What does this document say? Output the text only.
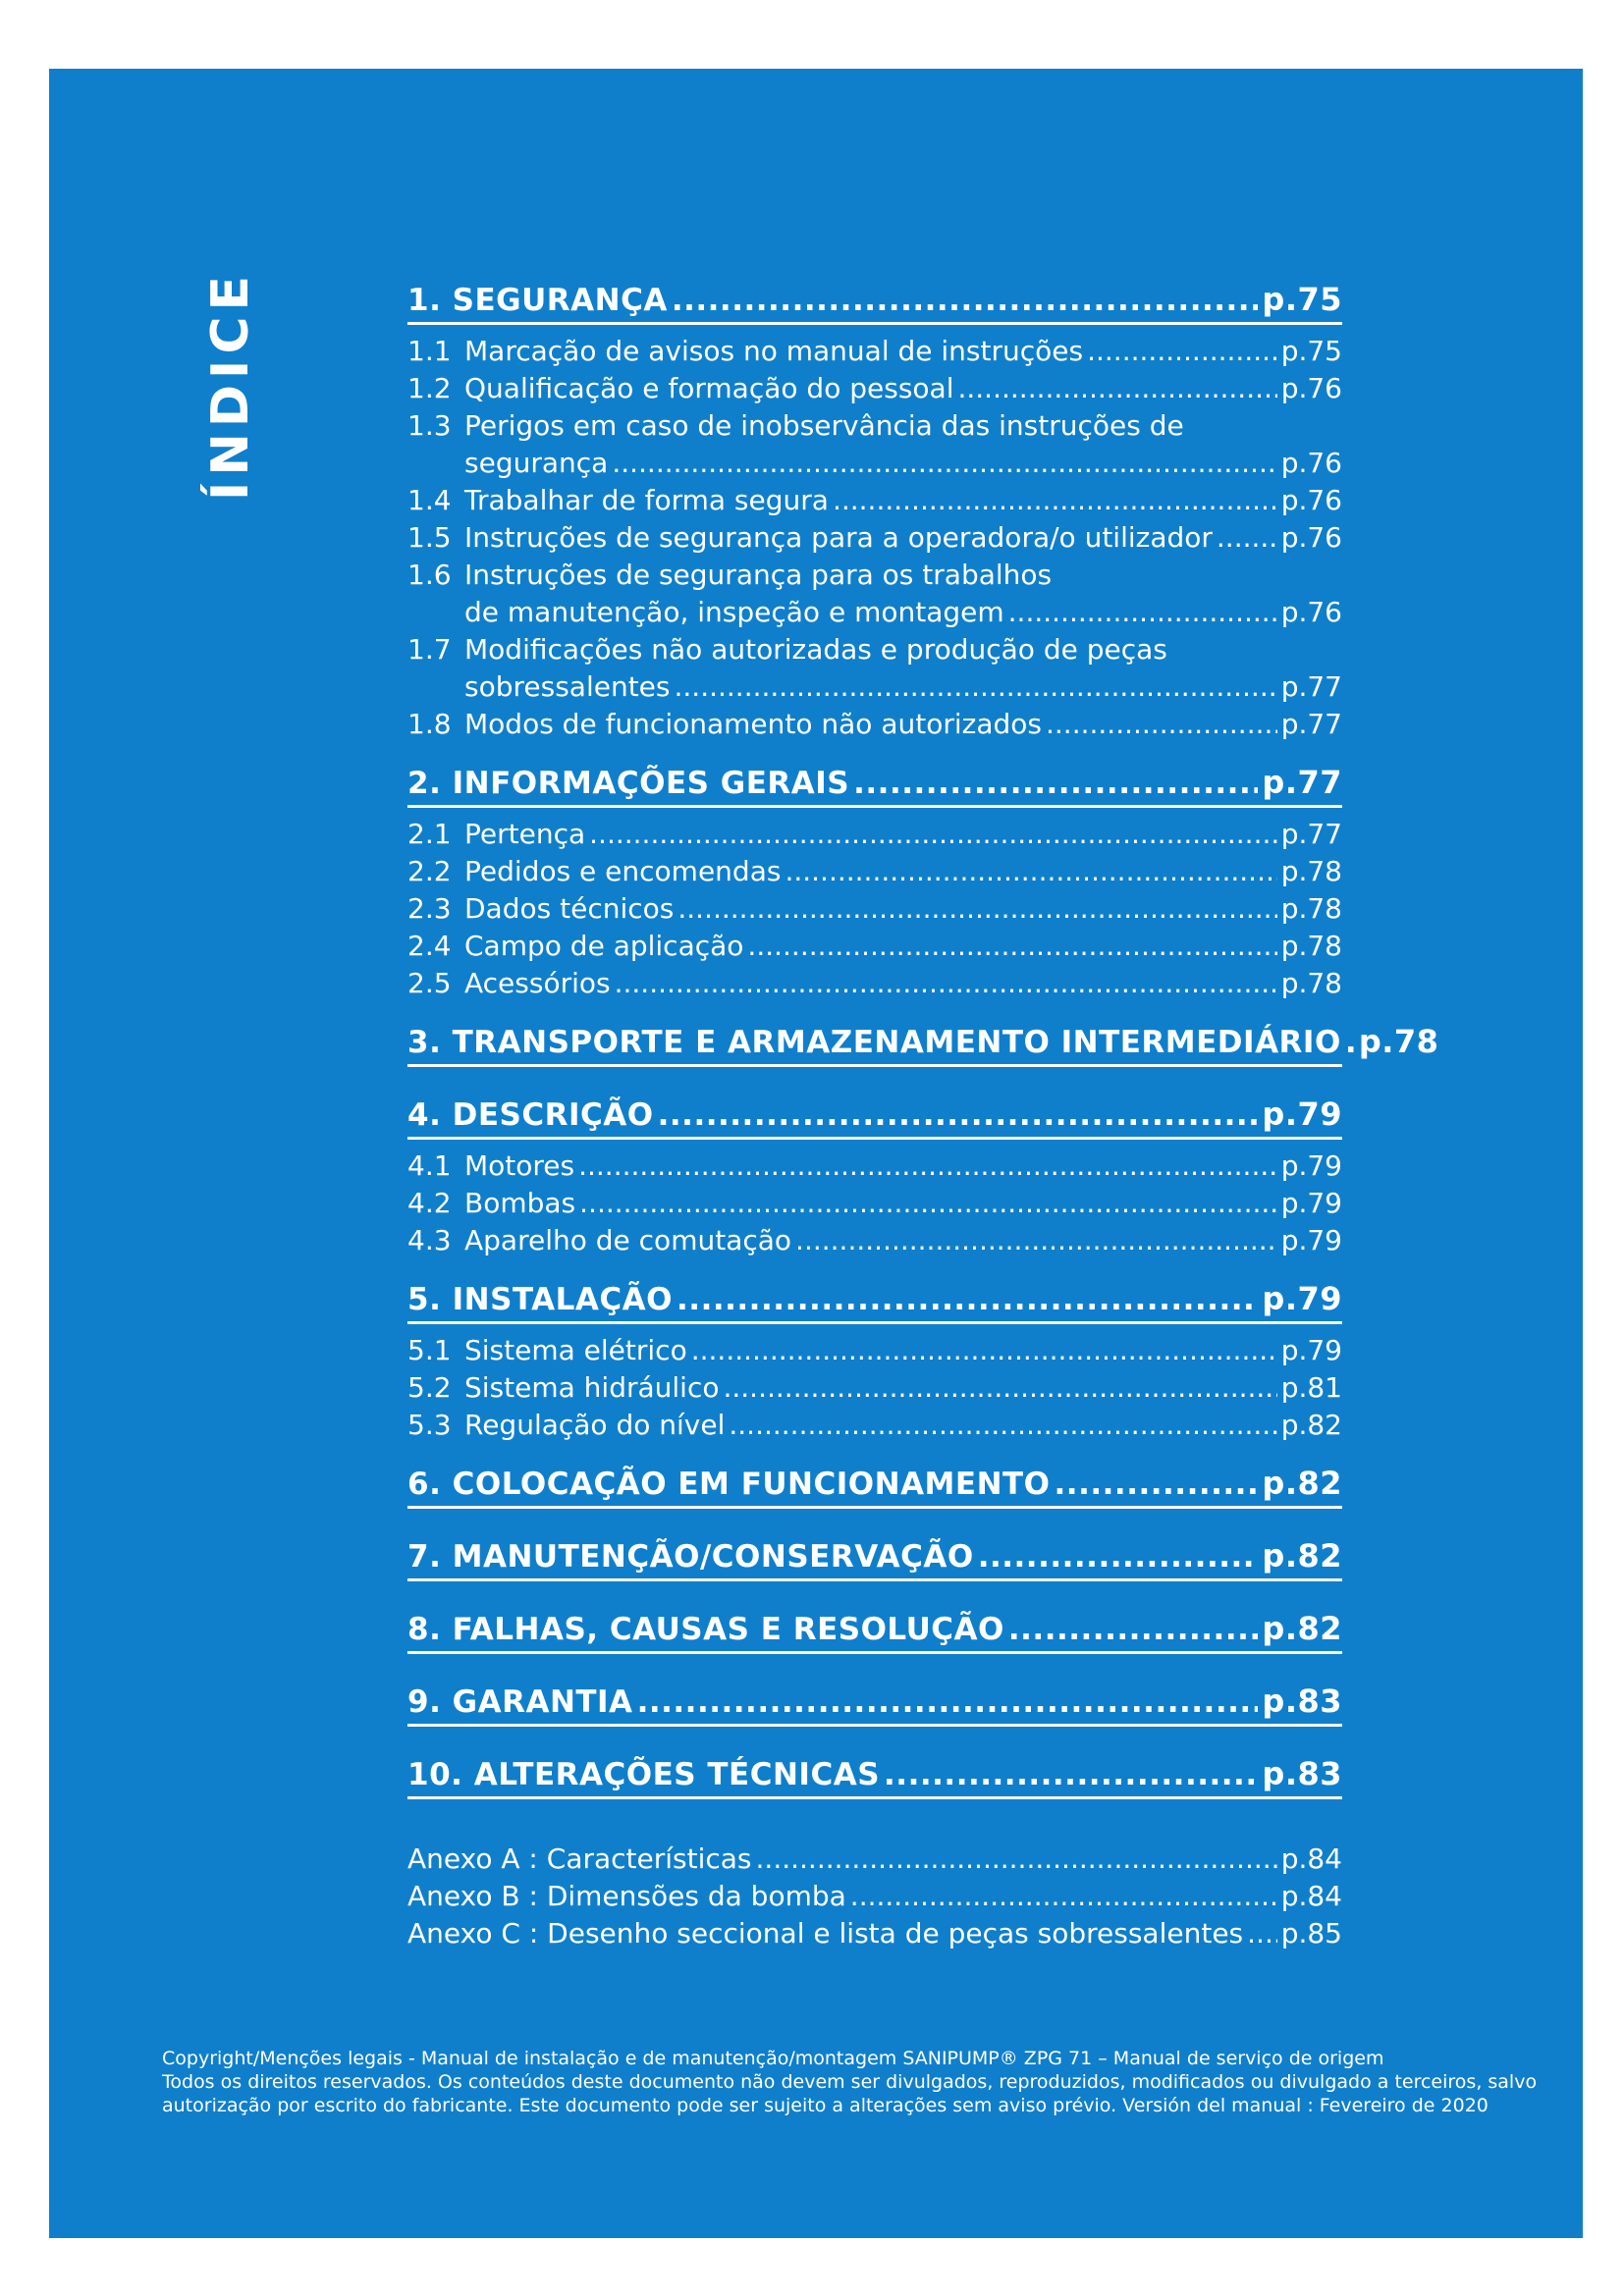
ÍNDICE	1. SEGURANÇA .....	p.75
1.1 Marcação de avisos no manual de instruções .....	p.75
1.2 Qualificação e formação do pessoal .....	p.76
1.3 Perigos em caso de inobservância das instruções de
segurança .....	p.76
1.4 Trabalhar de forma segura .....	p.76
1.5 Instruções de segurança para a operadora/o utilizador ..... p.76
1.6 Instruções de segurança para os trabalhos
de manutenção, inspeção e montagem .....	p.76
1.7 Modificações não autorizadas e produção de peças
sobressalentes .....	p.77
1.8 Modos de funcionamento não autorizados .....	p.77
2. INFORMAÇÕES GERAIS .....	p.77
2.1 Pertença .....	p.77
2.2 Pedidos e encomendas .....	p.78
2.3 Dados técnicos .....	p.78
2.4 Campo de aplicação .....	p.78
2.5 Acessórios .....	p.78
3. TRANSPORTE E ARMAZENAMENTO INTERMEDIÁRIO ..... p.78
4. DESCRIÇÃO .....	p.79
4.1 Motores .....	p.79
4.2 Bombas .....	p.79
4.3 Aparelho de comutação .....	p.79
5. INSTALAÇÃO .....	p.79
5.1 Sistema elétrico .....	p.79
5.2 Sistema hidráulico .....	p.81
5.3 Regulação do nível .....	p.82
6. COLOCAÇÃO EM FUNCIONAMENTO .....	p.82
7. MANUTENÇÃO/CONSERVAÇÃO .....	p.82
8. FALHAS, CAUSAS E RESOLUÇÃO .....	p.82
9. GARANTIA .....	p.83
10. ALTERAÇÕES TÉCNICAS .....	p.83
Anexo A : Características .....	p.84
Anexo B : Dimensões da bomba .....	p.84
Anexo C : Desenho seccional e lista de peças sobressalentes ..... p.85
Copyright/Menções legais - Manual de instalação e de manutenção/montagem SANIPUMP® ZPG 71 – Manual de serviço de origem
Todos os direitos reservados. Os conteúdos deste documento não devem ser divulgados, reproduzidos, modificados ou divulgado a terceiros, salvo
autorização por escrito do fabricante. Este documento pode ser sujeito a alterações sem aviso prévio. Versión del manual : Fevereiro de 2020
